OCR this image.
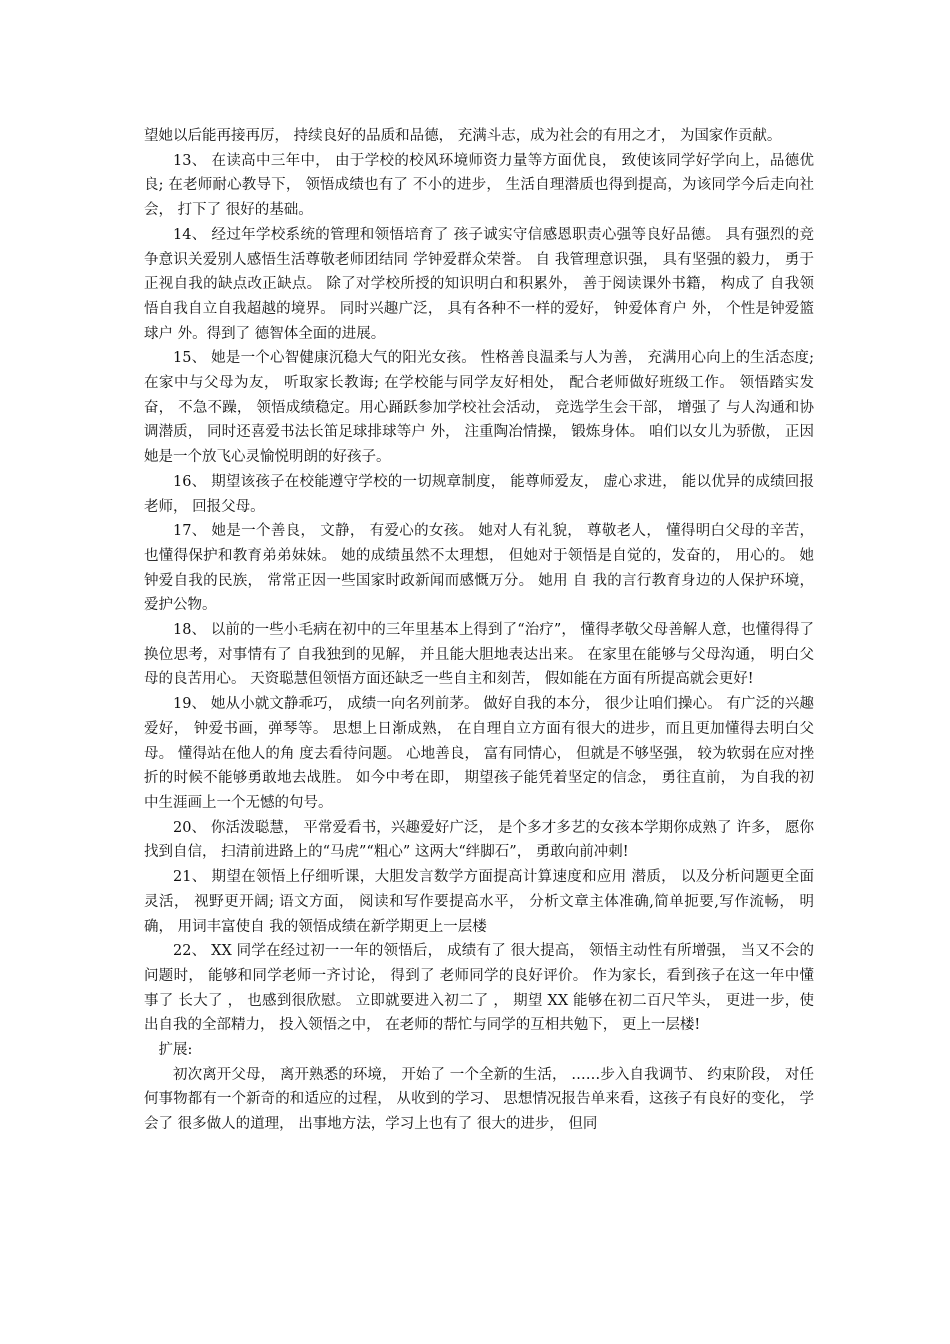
望她以后能再接再厉， 持续良好的品质和品德， 充满斗志，成为社会的有用之才， 为国家作贡献。

13、 在读高中三年中， 由于学校的校风环境师资力量等方面优良， 致使该同学好学向上，品德优良; 在老师耐心教导下， 领悟成绩也有了 不小的进步， 生活自理潜质也得到提高，为该同学今后走向社会， 打下了 很好的基础。

14、 经过年学校系统的管理和领悟培育了 孩子诚实守信感恩职责心强等良好品德。 具有强烈的竞争意识关爱别人感悟生活尊敬老师团结同 学钟爱群众荣誉。 自 我管理意识强， 具有坚强的毅力， 勇于正视自我的缺点改正缺点。 除了对学校所授的知识明白和积累外， 善于阅读课外书籍， 构成了 自我领悟自我自立自我超越的境界。 同时兴趣广泛， 具有各种不一样的爱好， 钟爱体育户 外， 个性是钟爱篮球户 外。得到了 德智体全面的进展。

15、 她是一个心智健康沉稳大气的阳光女孩。 性格善良温柔与人为善， 充满用心向上的生活态度; 在家中与父母为友， 听取家长教诲; 在学校能与同学友好相处， 配合老师做好班级工作。 领悟踏实发奋， 不急不躁， 领悟成绩稳定。用心踊跃参加学校社会活动， 竞选学生会干部， 增强了 与人沟通和协调潜质， 同时还喜爱书法长笛足球排球等户 外， 注重陶冶情操， 锻炼身体。 咱们以女儿为骄傲， 正因她是一个放飞心灵愉悦明朗的好孩子。

16、 期望该孩子在校能遵守学校的一切规章制度， 能尊师爱友， 虚心求进， 能以优异的成绩回报老师， 回报父母。

17、 她是一个善良， 文静， 有爱心的女孩。 她对人有礼貌， 尊敬老人， 懂得明白父母的辛苦， 也懂得保护和教育弟弟妹妹。 她的成绩虽然不太理想， 但她对于领悟是自觉的，发奋的， 用心的。 她钟爱自我的民族， 常常正因一些国家时政新闻而感慨万分。 她用 自 我的言行教育身边的人保护环境， 爱护公物。

18、 以前的一些小毛病在初中的三年里基本上得到了“治疗”， 懂得孝敬父母善解人意，也懂得得了 换位思考，对事情有了 自我独到的见解， 并且能大胆地表达出来。 在家里在能够与父母沟通， 明白父母的良苦用心。 天资聪慧但领悟方面还缺乏一些自主和刻苦， 假如能在方面有所提高就会更好!

19、 她从小就文静乖巧， 成绩一向名列前茅。 做好自我的本分， 很少让咱们操心。 有广泛的兴趣爱好， 钟爱书画，弹琴等。 思想上日渐成熟， 在自理自立方面有很大的进步，而且更加懂得去明白父母。 懂得站在他人的角 度去看待问题。 心地善良， 富有同情心， 但就是不够坚强， 较为软弱在应对挫折的时候不能够勇敢地去战胜。 如今中考在即， 期望孩子能凭着坚定的信念， 勇往直前， 为自我的初中生涯画上一个无憾的句号。

20、 你活泼聪慧， 平常爱看书，兴趣爱好广泛， 是个多才多艺的女孩本学期你成熟了 许多， 愿你找到自信， 扫清前进路上的“马虎”“粗心” 这两大“绊脚石”， 勇敢向前冲刺!

21、 期望在领悟上仔细听课，大胆发言数学方面提高计算速度和应用 潜质， 以及分析问题更全面灵活， 视野更开阔; 语文方面， 阅读和写作要提高水平， 分析文章主体准确,简单扼要,写作流畅， 明确， 用词丰富使自 我的领悟成绩在新学期更上一层楼

22、 XX 同学在经过初一一年的领悟后， 成绩有了 很大提高， 领悟主动性有所增强， 当又不会的问题时， 能够和同学老师一齐讨论， 得到了 老师同学的良好评价。 作为家长，看到孩子在这一年中懂事了 长大了 ， 也感到很欣慰。 立即就要进入初二了 ， 期望 XX 能够在初二百尺竿头， 更进一步，使出自我的全部精力， 投入领悟之中， 在老师的帮忙与同学的互相共勉下， 更上一层楼!

扩展:

初次离开父母， 离开熟悉的环境， 开始了 一个全新的生活， ……步入自我调节、 约束阶段， 对任何事物都有一个新奇的和适应的过程， 从收到的学习、 思想情况报告单来看，这孩子有良好的变化， 学会了 很多做人的道理， 出事地方法，学习上也有了 很大的进步， 但同
